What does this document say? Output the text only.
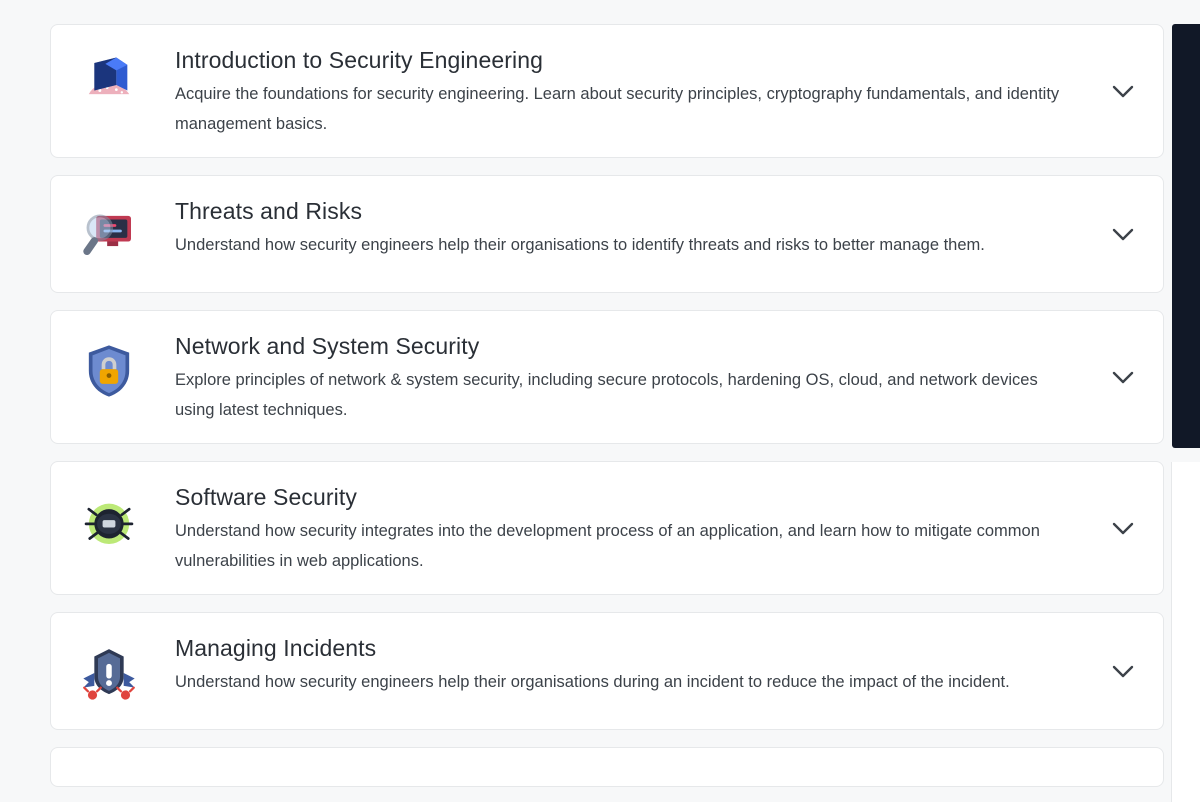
Introduction to Security Engineering

Acquire the foundations for security engineering. Learn about security principles, cryptography fundamentals, and identity management basics.

Threats and Risks

Understand how security engineers help their organisations to identify threats and risks to better manage them.

Network and System Security

Explore principles of network & system security, including secure protocols, hardening OS, cloud, and network devices using latest techniques.

Software Security

Understand how security integrates into the development process of an application, and learn how to mitigate common vulnerabilities in web applications.

Managing Incidents

Understand how security engineers help their organisations during an incident to reduce the impact of the incident.
